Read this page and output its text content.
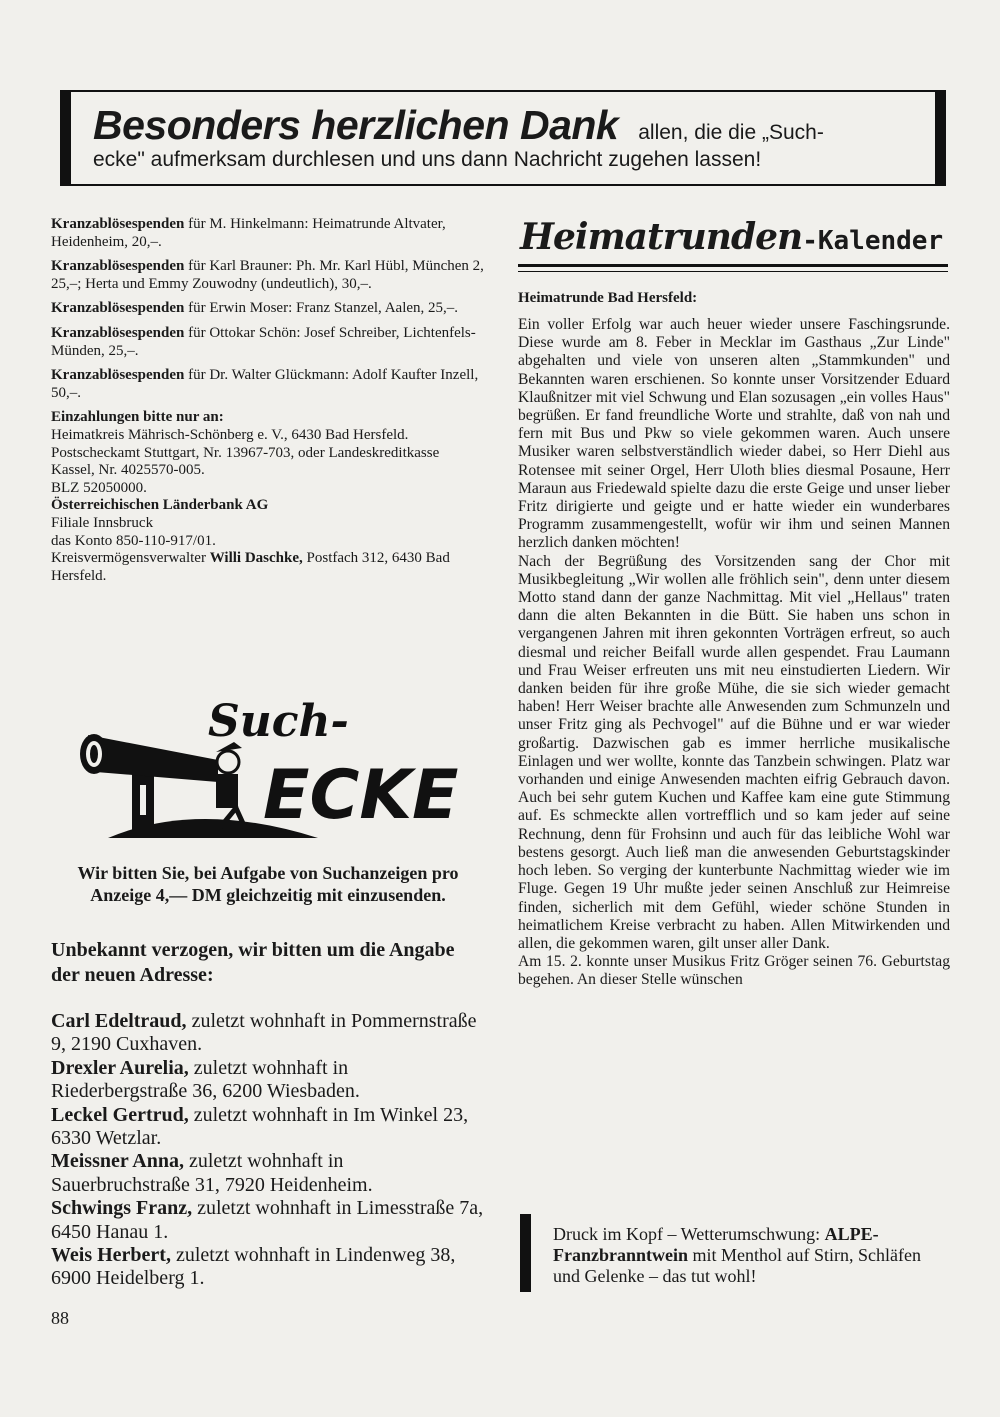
Besonders herzlichen Dank allen, die die „Such-
ecke" aufmerksam durchlesen und uns dann Nachricht zugehen lassen!

Kranzablösespenden für M. Hinkelmann: Heimatrunde Altvater, Heidenheim, 20,–.

Kranzablösespenden für Karl Brauner: Ph. Mr. Karl Hübl, München 2, 25,–; Herta und Emmy Zouwodny (undeutlich), 30,–.

Kranzablösespenden für Erwin Moser: Franz Stanzel, Aalen, 25,–.

Kranzablösespenden für Ottokar Schön: Josef Schreiber, Lichtenfels-Münden, 25,–.

Kranzablösespenden für Dr. Walter Glückmann: Adolf Kaufter Inzell, 50,–.

Einzahlungen bitte nur an:

Heimatkreis Mährisch-Schönberg e. V., 6430 Bad Hersfeld.

Postscheckamt Stuttgart, Nr. 13967-703, oder Landeskreditkasse Kassel, Nr. 4025570-005.

BLZ 52050000.

Österreichischen Länderbank AG

Filiale Innsbruck

das Konto 850-110-917/01.

Kreisvermögensverwalter Willi Daschke, Postfach 312, 6430 Bad Hersfeld.

Such-
ECKE
Wir bitten Sie, bei Aufgabe von Suchanzeigen pro Anzeige 4,— DM gleichzeitig mit einzusenden.
Unbekannt verzogen, wir bitten um die Angabe der neuen Adresse:

Carl Edeltraud, zuletzt wohnhaft in Pommernstraße 9, 2190 Cuxhaven.

Drexler Aurelia, zuletzt wohnhaft in Riederbergstraße 36, 6200 Wiesbaden.

Leckel Gertrud, zuletzt wohnhaft in Im Winkel 23, 6330 Wetzlar.

Meissner Anna, zuletzt wohnhaft in Sauerbruchstraße 31, 7920 Heidenheim.

Schwings Franz, zuletzt wohnhaft in Limesstraße 7a, 6450 Hanau 1.

Weis Herbert, zuletzt wohnhaft in Lindenweg 38, 6900 Heidelberg 1.

88
Heimatrunden-Kalender
Heimatrunde Bad Hersfeld:

Ein voller Erfolg war auch heuer wieder unsere Faschingsrunde. Diese wurde am 8. Feber in Mecklar im Gasthaus „Zur Linde" abgehalten und viele von unseren alten „Stammkunden" und Bekannten waren erschienen. So konnte unser Vorsitzender Eduard Klaußnitzer mit viel Schwung und Elan sozusagen „ein volles Haus" begrüßen. Er fand freundliche Worte und strahlte, daß von nah und fern mit Bus und Pkw so viele gekommen waren. Auch unsere Musiker waren selbstverständlich wieder dabei, so Herr Diehl aus Rotensee mit seiner Orgel, Herr Uloth blies diesmal Posaune, Herr Maraun aus Friedewald spielte dazu die erste Geige und unser lieber Fritz dirigierte und geigte und er hatte wieder ein wunderbares Programm zusammengestellt, wofür wir ihm und seinen Mannen herzlich danken möchten!

Nach der Begrüßung des Vorsitzenden sang der Chor mit Musikbegleitung „Wir wollen alle fröhlich sein", denn unter diesem Motto stand dann der ganze Nachmittag. Mit viel „Hellaus" traten dann die alten Bekannten in die Bütt. Sie haben uns schon in vergangenen Jahren mit ihren gekonnten Vorträgen erfreut, so auch diesmal und reicher Beifall wurde allen gespendet. Frau Laumann und Frau Weiser erfreuten uns mit neu einstudierten Liedern. Wir danken beiden für ihre große Mühe, die sie sich wieder gemacht haben! Herr Weiser brachte alle Anwesenden zum Schmunzeln und unser Fritz ging als Pechvogel" auf die Bühne und er war wieder großartig. Dazwischen gab es immer herrliche musikalische Einlagen und wer wollte, konnte das Tanzbein schwingen. Platz war vorhanden und einige Anwesenden machten eifrig Gebrauch davon. Auch bei sehr gutem Kuchen und Kaffee kam eine gute Stimmung auf. Es schmeckte allen vortrefflich und so kam jeder auf seine Rechnung, denn für Frohsinn und auch für das leibliche Wohl war bestens gesorgt. Auch ließ man die anwesenden Geburtstagskinder hoch leben. So verging der kunterbunte Nachmittag wieder wie im Fluge. Gegen 19 Uhr mußte jeder seinen Anschluß zur Heimreise finden, sicherlich mit dem Gefühl, wieder schöne Stunden in heimatlichem Kreise verbracht zu haben. Allen Mitwirkenden und allen, die gekommen waren, gilt unser aller Dank.

Am 15. 2. konnte unser Musikus Fritz Gröger seinen 76. Geburtstag begehen. An dieser Stelle wünschen

Druck im Kopf – Wetterumschwung: ALPE-Franzbranntwein mit Menthol auf Stirn, Schläfen und Gelenke – das tut wohl!
